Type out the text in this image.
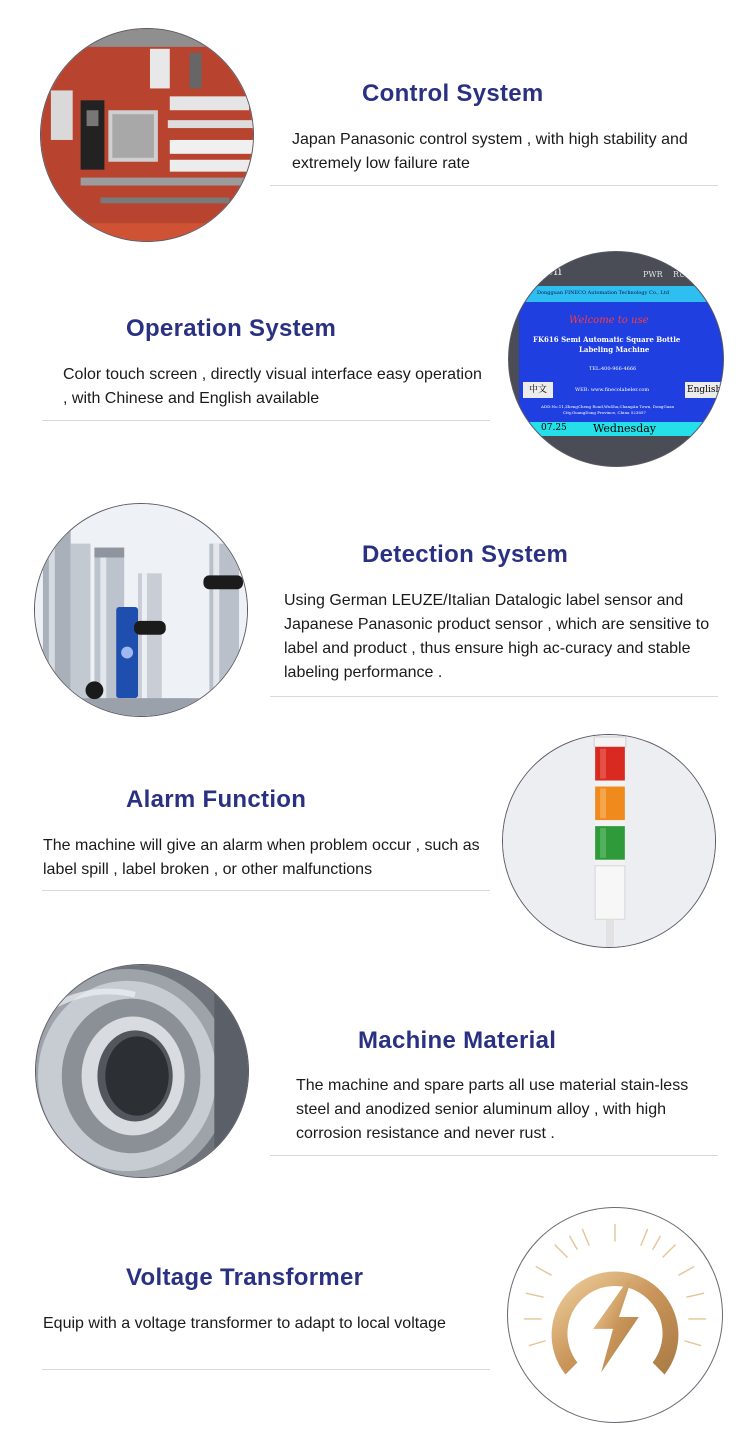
Control System
Japan Panasonic control system , with high stability and extremely low failure rate
Operation System
Color touch screen , directly visual interface easy operation , with Chinese and English available
son	PWR RUN
Dongguan FINECO Automation Technology Co., Ltd
Welcome to use
FK616 Semi Automatic Square Bottle
Labeling Machine
TEL:400-966-4666
中文	WEB: www.finecolabeler.com	English
ADD:No.11,ZhengCheng Road,WuSha,ChangAn Town, DongGuan
City,GuangDong Province, China 523857
07.25 Wednesday
Detection System
Using German LEUZE/Italian Datalogic label sensor and Japanese Panasonic product sensor , which are sensitive to label and product , thus ensure high ac-curacy and stable labeling performance .
Alarm Function
The machine will give an alarm when problem occur , such as label spill , label broken , or other malfunctions
Machine Material
The machine and spare parts all use material stain-less steel and anodized senior aluminum alloy , with high corrosion resistance and never rust .
Voltage Transformer
Equip with a voltage transformer to adapt to local voltage
